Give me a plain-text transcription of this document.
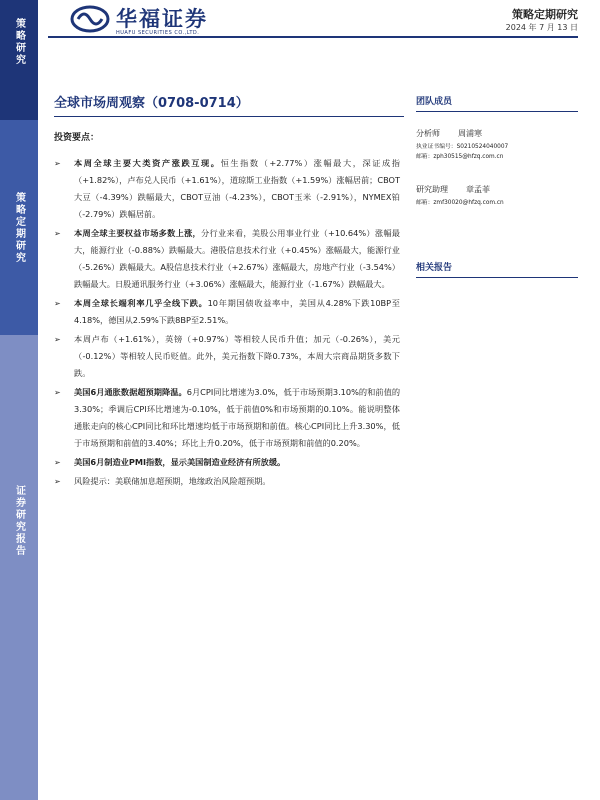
策略研究
策略定期研究
证券研究报告
华福证券
HUAFU SECURITIES CO.,LTD.
策略定期研究
2024 年 7 月 13 日
全球市场周观察（0708-0714）
投资要点：
➢ 本周全球主要大类资产涨跌互现。恒生指数（+2.77%）涨幅最大，深证成指（+1.82%），卢布兑人民币（+1.61%），道琼斯工业指数（+1.59%）涨幅居前；CBOT大豆（-4.39%）跌幅最大，CBOT豆油（-4.23%），CBOT玉米（-2.91%），NYMEX铂（-2.79%）跌幅居前。
➢ 本周全球主要权益市场多数上涨，分行业来看，美股公用事业行业（+10.64%）涨幅最大，能源行业（-0.88%）跌幅最大。港股信息技术行业（+0.45%）涨幅最大，能源行业（-5.26%）跌幅最大。A股信息技术行业（+2.67%）涨幅最大，房地产行业（-3.54%）跌幅最大。日股通讯服务行业（+3.06%）涨幅最大，能源行业（-1.67%）跌幅最大。
➢ 本周全球长端利率几乎全线下跌。10年期国债收益率中，美国从4.28%下跌10BP至4.18%，德国从2.59%下跌8BP至2.51%。
➢ 本周卢布（+1.61%），英镑（+0.97%）等相较人民币升值；加元（-0.26%），美元（-0.12%）等相较人民币贬值。此外，美元指数下降0.73%，本周大宗商品期货多数下跌。
➢ 美国6月通胀数据超预期降温。6月CPI同比增速为3.0%，低于市场预期3.10%的和前值的3.30%；季调后CPI环比增速为-0.10%，低于前值0%和市场预期的0.10%。能说明整体通胀走向的核心CPI同比和环比增速均低于市场预期和前值。核心CPI同比上升3.30%，低于市场预期和前值的3.40%；环比上升0.20%，低于市场预期和前值的0.20%。
➢ 美国6月制造业PMI指数，显示美国制造业经济有所放缓。
➢ 风险提示：美联储加息超预期，地缘政治风险超预期。
团队成员
分析师 周浦寒
执业证书编号：S0210524040007
邮箱：zph30515@hfzq.com.cn
研究助理 章孟菲
邮箱：zmf30020@hfzq.com.cn
相关报告
